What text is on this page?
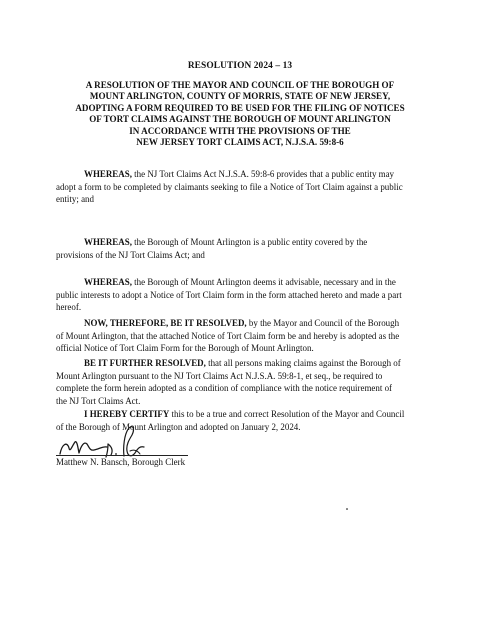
RESOLUTION 2024 – 13
A RESOLUTION OF THE MAYOR AND COUNCIL OF THE BOROUGH OF
MOUNT ARLINGTON, COUNTY OF MORRIS, STATE OF NEW JERSEY,
ADOPTING A FORM REQUIRED TO BE USED FOR THE FILING OF NOTICES
OF TORT CLAIMS AGAINST THE BOROUGH OF MOUNT ARLINGTON
IN ACCORDANCE WITH THE PROVISIONS OF THE
NEW JERSEY TORT CLAIMS ACT, N.J.S.A. 59:8-6
WHEREAS, the NJ Tort Claims Act N.J.S.A. 59:8-6 provides that a public entity may
adopt a form to be completed by claimants seeking to file a Notice of Tort Claim against a public
entity; and
WHEREAS, the Borough of Mount Arlington is a public entity covered by the
provisions of the NJ Tort Claims Act; and
WHEREAS, the Borough of Mount Arlington deems it advisable, necessary and in the
public interests to adopt a Notice of Tort Claim form in the form attached hereto and made a part
hereof.
NOW, THEREFORE, BE IT RESOLVED, by the Mayor and Council of the Borough
of Mount Arlington, that the attached Notice of Tort Claim form be and hereby is adopted as the
official Notice of Tort Claim Form for the Borough of Mount Arlington.
BE IT FURTHER RESOLVED, that all persons making claims against the Borough of
Mount Arlington pursuant to the NJ Tort Claims Act N.J.S.A. 59:8-1, et seq., be required to
complete the form herein adopted as a condition of compliance with the notice requirement of
the NJ Tort Claims Act.
I HEREBY CERTIFY this to be a true and correct Resolution of the Mayor and Council
of the Borough of Mount Arlington and adopted on January 2, 2024.
Matthew N. Bansch, Borough Clerk
